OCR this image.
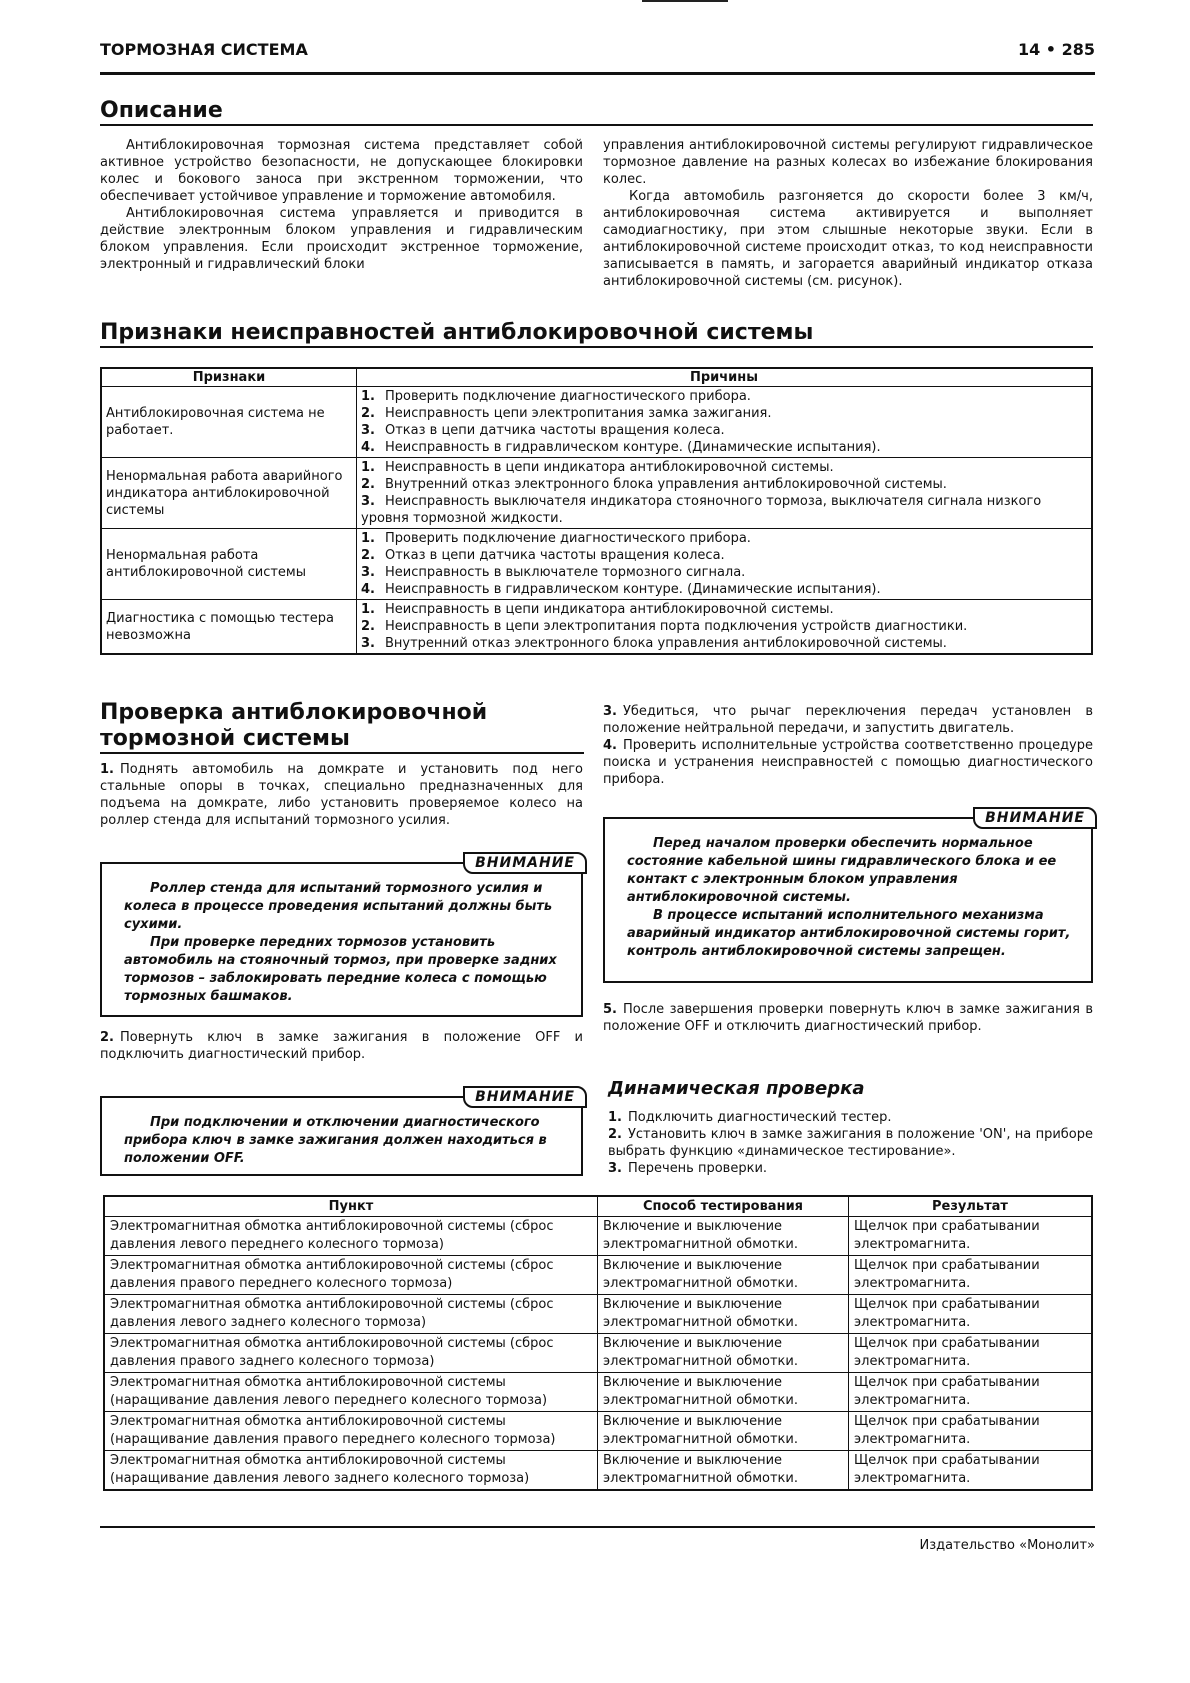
ТОРМОЗНАЯ СИСТЕМА	14 • 285
Описание

Антиблокировочная тормозная система представляет собой активное устройство безопасности, не допускающее блокировки колес и бокового заноса при экстренном торможении, что обеспечивает устойчивое управление и торможение автомобиля.

Антиблокировочная система управляется и приводится в действие электронным блоком управления и гидравлическим блоком управления. Если происходит экстренное торможение, электронный и гидравлический блоки

управления антиблокировочной системы регулируют гидравлическое тормозное давление на разных колесах во избежание блокирования колес.

Когда автомобиль разгоняется до скорости более 3 км/ч, антиблокировочная система активируется и выполняет самодиагностику, при этом слышные некоторые звуки. Если в антиблокировочной системе происходит отказ, то код неисправности записывается в память, и загорается аварийный индикатор отказа антиблокировочной системы (см. рисунок).

Признаки неисправностей антиблокировочной системы
Признаки	Причины
Антиблокировочная система не работает.	1. Проверить подключение диагностического прибора.
2. Неисправность цепи электропитания замка зажигания.
3. Отказ в цепи датчика частоты вращения колеса.
4. Неисправность в гидравлическом контуре. (Динамические испытания).

Ненормальная работа аварийного индикатора антиблокировочной системы	1. Неисправность в цепи индикатора антиблокировочной системы.
2. Внутренний отказ электронного блока управления антиблокировочной системы.
3. Неисправность выключателя индикатора стояночного тормоза, выключателя сигнала низкого уровня тормозной жидкости.

Ненормальная работа антиблокировочной системы	1. Проверить подключение диагностического прибора.
2. Отказ в цепи датчика частоты вращения колеса.
3. Неисправность в выключателе тормозного сигнала.
4. Неисправность в гидравлическом контуре. (Динамические испытания).

Диагностика с помощью тестера невозможна	1. Неисправность в цепи индикатора антиблокировочной системы.
2. Неисправность в цепи электропитания порта подключения устройств диагностики.
3. Внутренний отказ электронного блока управления антиблокировочной системы.
Проверка антиблокировочной
тормозной системы

1. Поднять автомобиль на домкрате и установить под него стальные опоры в точках, специально предназначенных для подъема на домкрате, либо установить проверяемое колесо на роллер стенда для испытаний тормозного усилия.

ВНИМАНИЕ

Роллер стенда для испытаний тормозного усилия и колеса в процессе проведения испытаний должны быть сухими.

При проверке передних тормозов установить автомобиль на стояночный тормоз, при проверке задних тормозов – заблокировать передние колеса с помощью тормозных башмаков.

2. Повернуть ключ в замке зажигания в положение OFF и подключить диагностический прибор.

ВНИМАНИЕ

При подключении и отключении диагностического прибора ключ в замке зажигания должен находиться в положении OFF.

3. Убедиться, что рычаг переключения передач установлен в положение нейтральной передачи, и запустить двигатель.

4. Проверить исполнительные устройства соответственно процедуре поиска и устранения неисправностей с помощью диагностического прибора.

ВНИМАНИЕ

Перед началом проверки обеспечить нормальное состояние кабельной шины гидравлического блока и ее контакт с электронным блоком управления антиблокировочной системы.

В процессе испытаний исполнительного механизма аварийный индикатор антиблокировочной системы горит, контроль антиблокировочной системы запрещен.

5. После завершения проверки повернуть ключ в замке зажигания в положение OFF и отключить диагностический прибор.

Динамическая проверка

1. Подключить диагностический тестер.

2. Установить ключ в замке зажигания в положение 'ON', на приборе выбрать функцию «динамическое тестирование».

3. Перечень проверки.

Пункт	Способ тестирования	Результат
Электромагнитная обмотка антиблокировочной системы (сброс давления левого переднего колесного тормоза)	Включение и выключение электромагнитной обмотки.	Щелчок при срабатывании электромагнита.
Электромагнитная обмотка антиблокировочной системы (сброс давления правого переднего колесного тормоза)	Включение и выключение электромагнитной обмотки.	Щелчок при срабатывании электромагнита.
Электромагнитная обмотка антиблокировочной системы (сброс давления левого заднего колесного тормоза)	Включение и выключение электромагнитной обмотки.	Щелчок при срабатывании электромагнита.
Электромагнитная обмотка антиблокировочной системы (сброс давления правого заднего колесного тормоза)	Включение и выключение электромагнитной обмотки.	Щелчок при срабатывании электромагнита.
Электромагнитная обмотка антиблокировочной системы (наращивание давления левого переднего колесного тормоза)	Включение и выключение электромагнитной обмотки.	Щелчок при срабатывании электромагнита.
Электромагнитная обмотка антиблокировочной системы (наращивание давления правого переднего колесного тормоза)	Включение и выключение электромагнитной обмотки.	Щелчок при срабатывании электромагнита.
Электромагнитная обмотка антиблокировочной системы (наращивание давления левого заднего колесного тормоза)	Включение и выключение электромагнитной обмотки.	Щелчок при срабатывании электромагнита.
Издательство «Монолит»
